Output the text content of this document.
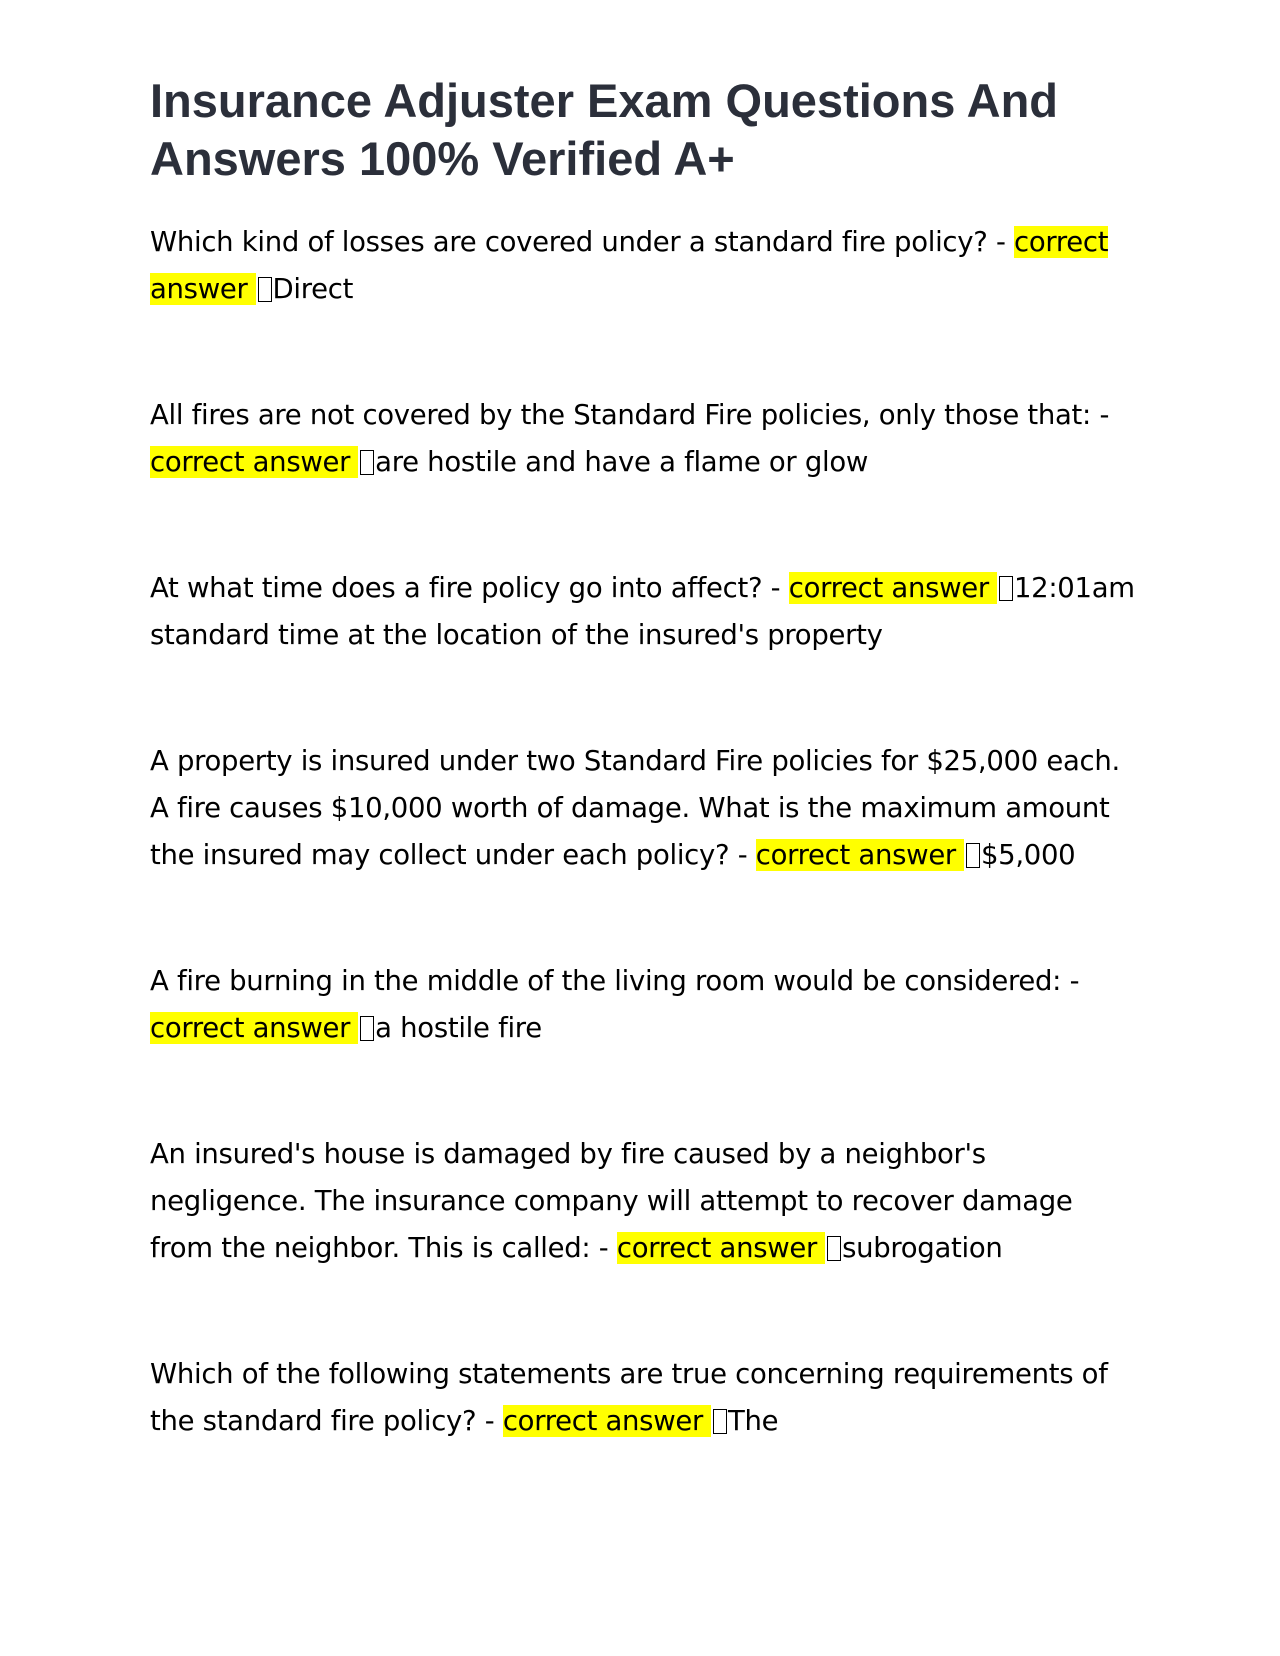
Insurance Adjuster Exam Questions And Answers 100% Verified A+

Which kind of losses are covered under a standard fire policy? - correct answer Direct

All fires are not covered by the Standard Fire policies, only those that: - correct answer are hostile and have a flame or glow

At what time does a fire policy go into affect? - correct answer 12:01am standard time at the location of the insured's property

A property is insured under two Standard Fire policies for $25,000 each. A fire causes $10,000 worth of damage. What is the maximum amount the insured may collect under each policy? - correct answer $5,000

A fire burning in the middle of the living room would be considered: - correct answer a hostile fire

An insured's house is damaged by fire caused by a neighbor's negligence. The insurance company will attempt to recover damage from the neighbor. This is called: - correct answer subrogation

Which of the following statements are true concerning requirements of the standard fire policy? - correct answer The
